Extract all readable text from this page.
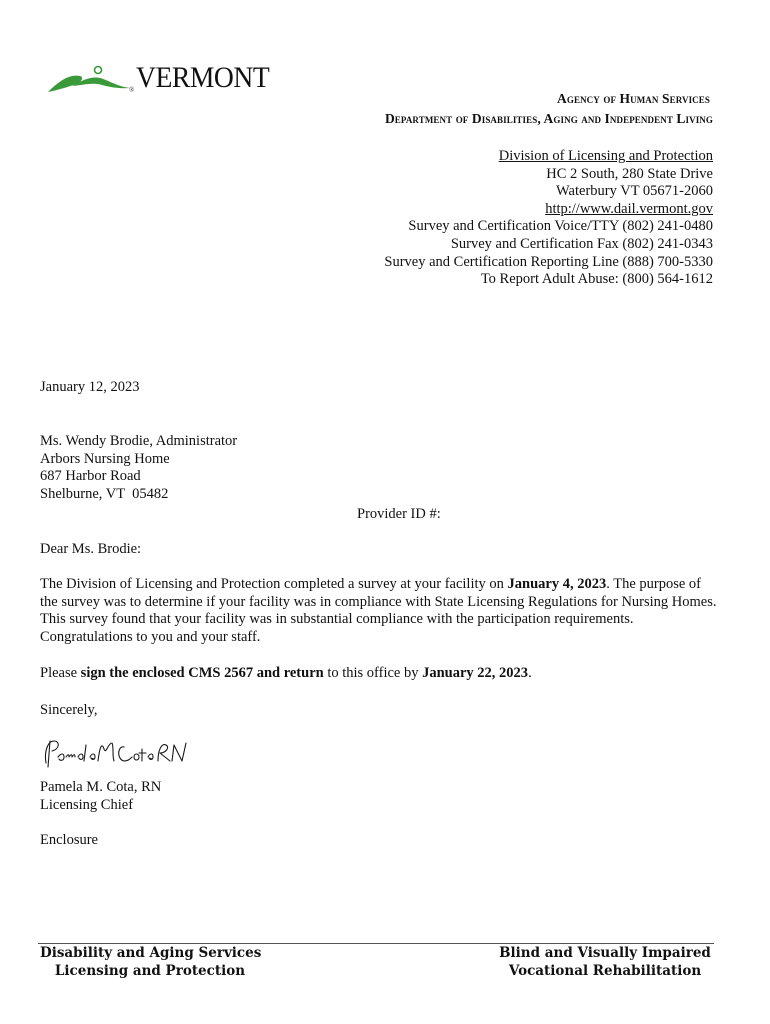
® VERMONT
Agency of Human Services
Department of Disabilities, Aging and Independent Living
Division of Licensing and Protection
HC 2 South, 280 State Drive
Waterbury VT 05671-2060
http://www.dail.vermont.gov
Survey and Certification Voice/TTY (802) 241-0480
Survey and Certification Fax (802) 241-0343
Survey and Certification Reporting Line (888) 700-5330
To Report Adult Abuse: (800) 564-1612
January 12, 2023
Ms. Wendy Brodie, Administrator
Arbors Nursing Home
687 Harbor Road
Shelburne, VT  05482
Provider ID #:
Dear Ms. Brodie:
The Division of Licensing and Protection completed a survey at your facility on January 4, 2023. The purpose of the survey was to determine if your facility was in compliance with State Licensing Regulations for Nursing Homes. This survey found that your facility was in substantial compliance with the participation requirements. Congratulations to you and your staff.
Please sign the enclosed CMS 2567 and return to this office by January 22, 2023.
Sincerely,
Pamela M. Cota, RN
Licensing Chief
Enclosure
Disability and Aging Services
Licensing and Protection
Blind and Visually Impaired
Vocational Rehabilitation
